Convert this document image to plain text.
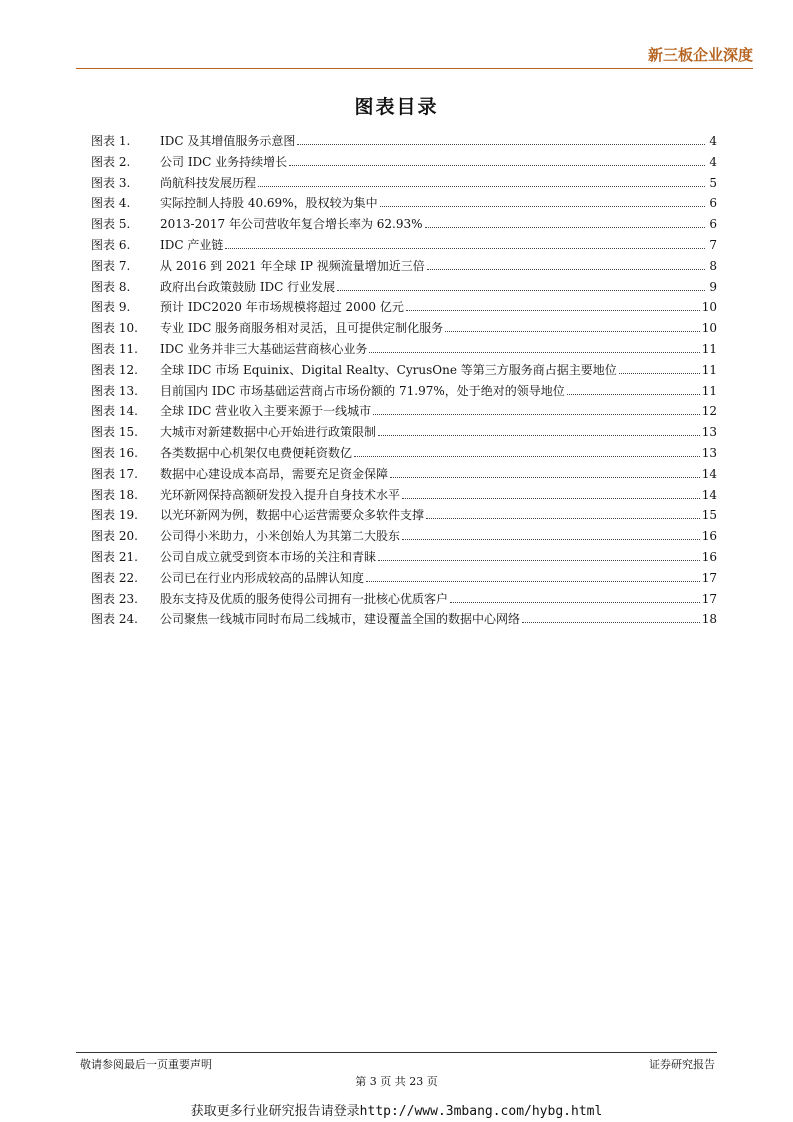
新三板企业深度
图表目录
图表 1.	IDC 及其增值服务示意图	4
图表 2.	公司 IDC 业务持续增长	4
图表 3.	尚航科技发展历程	5
图表 4.	实际控制人持股 40.69%，股权较为集中	6
图表 5.	2013-2017 年公司营收年复合增长率为 62.93%	6
图表 6.	IDC 产业链	7
图表 7.	从 2016 到 2021 年全球 IP 视频流量增加近三倍	8
图表 8.	政府出台政策鼓励 IDC 行业发展	9
图表 9.	预计 IDC2020 年市场规模将超过 2000 亿元	10
图表 10.	专业 IDC 服务商服务相对灵活，且可提供定制化服务	10
图表 11.	IDC 业务并非三大基础运营商核心业务	11
图表 12.	全球 IDC 市场 Equinix、Digital Realty、CyrusOne 等第三方服务商占据主要地位	11
图表 13.	目前国内 IDC 市场基础运营商占市场份额的 71.97%，处于绝对的领导地位	11
图表 14.	全球 IDC 营业收入主要来源于一线城市	12
图表 15.	大城市对新建数据中心开始进行政策限制	13
图表 16.	各类数据中心机架仅电费便耗资数亿	13
图表 17.	数据中心建设成本高昂，需要充足资金保障	14
图表 18.	光环新网保持高额研发投入提升自身技术水平	14
图表 19.	以光环新网为例，数据中心运营需要众多软件支撑	15
图表 20.	公司得小米助力，小米创始人为其第二大股东	16
图表 21.	公司自成立就受到资本市场的关注和青睐	16
图表 22.	公司已在行业内形成较高的品牌认知度	17
图表 23.	股东支持及优质的服务使得公司拥有一批核心优质客户	17
图表 24.	公司聚焦一线城市同时布局二线城市，建设覆盖全国的数据中心网络	18
敬请参阅最后一页重要声明	证券研究报告
第 3 页 共 23 页
获取更多行业研究报告请登录http://www.3mbang.com/hybg.html
